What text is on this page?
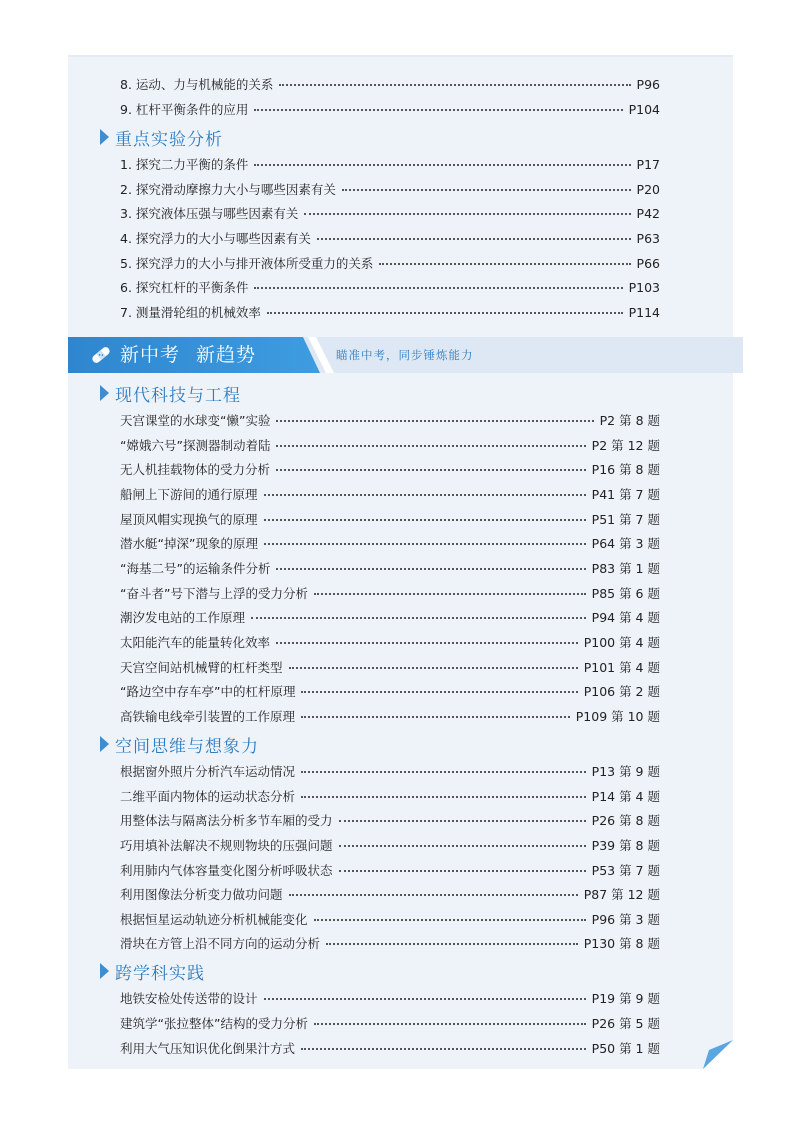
8. 运动、力与机械能的关系	P96
9. 杠杆平衡条件的应用	P104
重点实验分析
1. 探究二力平衡的条件	P17
2. 探究滑动摩擦力大小与哪些因素有关	P20
3. 探究液体压强与哪些因素有关	P42
4. 探究浮力的大小与哪些因素有关	P63
5. 探究浮力的大小与排开液体所受重力的关系	P66
6. 探究杠杆的平衡条件	P103
7. 测量滑轮组的机械效率	P114
新中考 新趋势	瞄准中考，同步锤炼能力
现代科技与工程
天宫课堂的水球变“懒”实验	P2 第 8 题
“嫦娥六号”探测器制动着陆	P2 第 12 题
无人机挂载物体的受力分析	P16 第 8 题
船闸上下游间的通行原理	P41 第 7 题
屋顶风帽实现换气的原理	P51 第 7 题
潜水艇“掉深”现象的原理	P64 第 3 题
“海基二号”的运输条件分析	P83 第 1 题
“奋斗者”号下潜与上浮的受力分析	P85 第 6 题
潮汐发电站的工作原理	P94 第 4 题
太阳能汽车的能量转化效率	P100 第 4 题
天宫空间站机械臂的杠杆类型	P101 第 4 题
“路边空中存车亭”中的杠杆原理	P106 第 2 题
高铁输电线牵引装置的工作原理	P109 第 10 题
空间思维与想象力
根据窗外照片分析汽车运动情况	P13 第 9 题
二维平面内物体的运动状态分析	P14 第 4 题
用整体法与隔离法分析多节车厢的受力	P26 第 8 题
巧用填补法解决不规则物块的压强问题	P39 第 8 题
利用肺内气体容量变化图分析呼吸状态	P53 第 7 题
利用图像法分析变力做功问题	P87 第 12 题
根据恒星运动轨迹分析机械能变化	P96 第 3 题
滑块在方管上沿不同方向的运动分析	P130 第 8 题
跨学科实践
地铁安检处传送带的设计	P19 第 9 题
建筑学“张拉整体”结构的受力分析	P26 第 5 题
利用大气压知识优化倒果汁方式	P50 第 1 题
